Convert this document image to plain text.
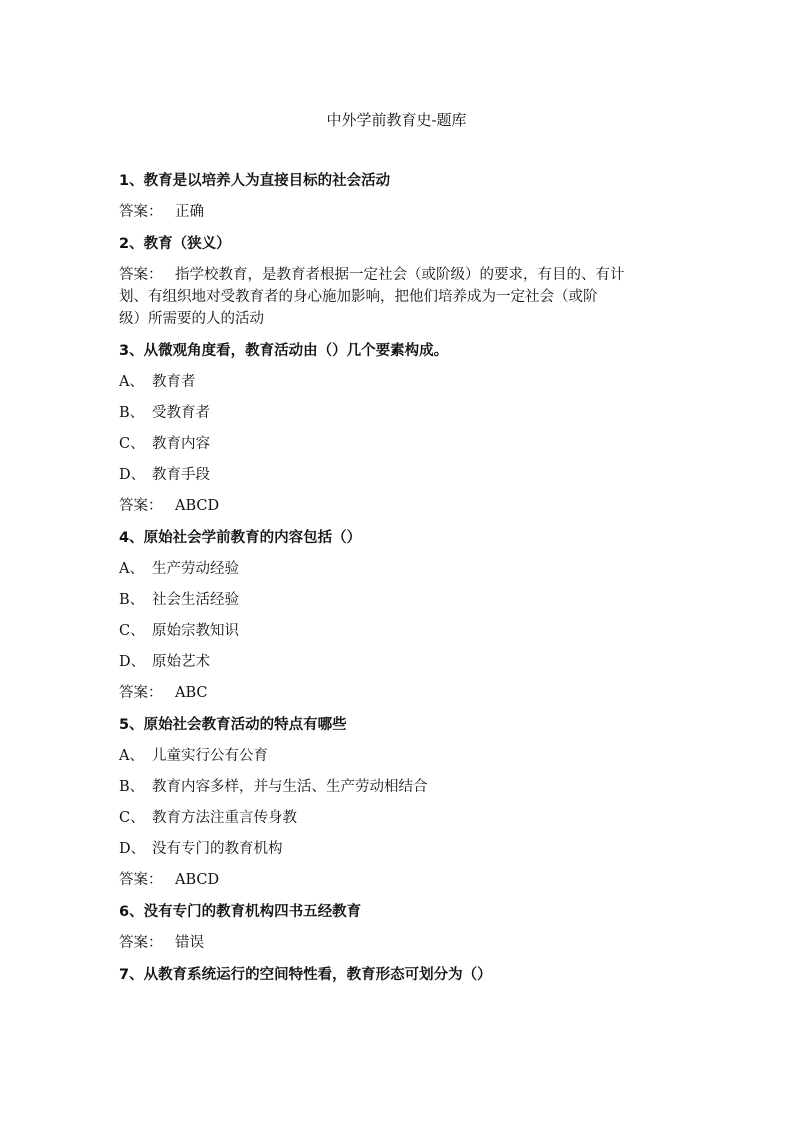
中外学前教育史-题库

1、教育是以培养人为直接目标的社会活动

答案： 正确

2、教育（狭义）

答案： 指学校教育，是教育者根据一定社会（或阶级）的要求，有目的、有计

划、有组织地对受教育者的身心施加影响，把他们培养成为一定社会（或阶

级）所需要的人的活动

3、从微观角度看，教育活动由（）几个要素构成。

A、 教育者

B、 受教育者

C、 教育内容

D、 教育手段

答案： ABCD

4、原始社会学前教育的内容包括（）

A、 生产劳动经验

B、 社会生活经验

C、 原始宗教知识

D、 原始艺术

答案： ABC

5、原始社会教育活动的特点有哪些

A、 儿童实行公有公育

B、 教育内容多样，并与生活、生产劳动相结合

C、 教育方法注重言传身教

D、 没有专门的教育机构

答案： ABCD

6、没有专门的教育机构四书五经教育

答案： 错误

7、从教育系统运行的空间特性看，教育形态可划分为（）
